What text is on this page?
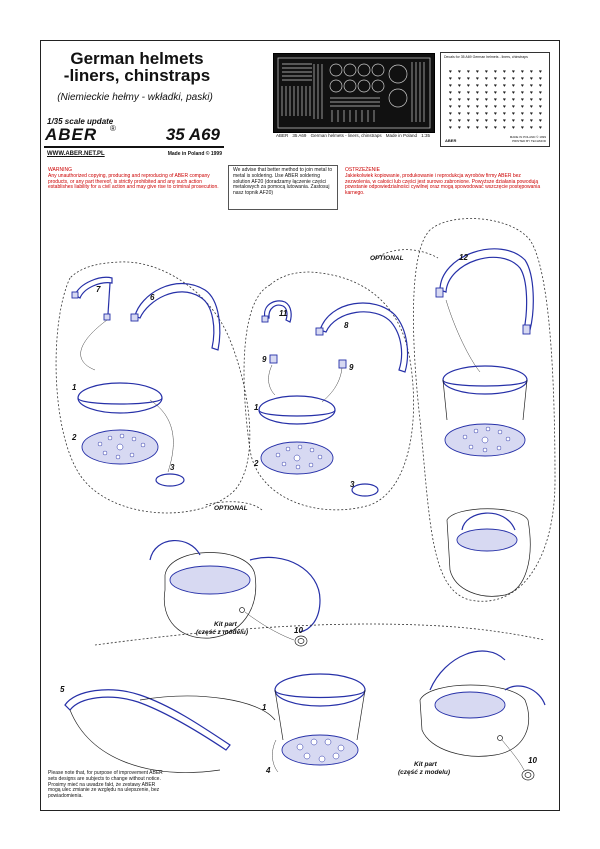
German helmets
-liners, chinstraps
(Niemieckie hełmy - wkładki, paski)
1/35 scale update
ABER ®	35 A69
WWW.ABER.NET.PL	Made in Poland © 1999
ABER 35 A69 German helmets - liners, chinstraps Made in Poland 1:35
♥ ♥ ♥ ♥ ♥ ♥ ♥ ♥ ♥ ♥ ♥
♥ ♥ ♥ ♥ ♥ ♥ ♥ ♥ ♥ ♥ ♥
♥ ♥ ♥ ♥ ♥ ♥ ♥ ♥ ♥ ♥ ♥
♥ ♥ ♥ ♥ ♥ ♥ ♥ ♥ ♥ ♥ ♥
♥ ♥ ♥ ♥ ♥ ♥ ♥ ♥ ♥ ♥ ♥
♥ ♥ ♥ ♥ ♥ ♥ ♥ ♥ ♥ ♥ ♥
♥ ♥ ♥ ♥ ♥ ♥ ♥ ♥ ♥ ♥ ♥
♥ ♥ ♥ ♥ ♥ ♥ ♥ ♥ ♥ ♥ ♥
♥ ♥ ♥ ♥ ♥ ♥ ♥ ♥ ♥ ♥ ♥
Decals for 35 A69 German helmets - liners, chinstraps
ABER
MADE IN POLAND © 1999 PRINTED BY TECHMOD
WARNING
Any unauthorized copying, producing and reproducing of ABER company products, or any part thereof, is strictly prohibited and any such action establishes liability for a civil action and may give rise to criminal prosecution.
We advise that better method to join metal to metal is soldering. Use ABER soldering solution AF20 (doradzamy łączenie części metalowych za pomocą lutowania. Zastosuj nasz topnik AF20)
OSTRZEŻENIE
Jakiekolwiek kopiowanie, produkowanie i reprodukcja wyrobów firmy ABER bez zezwolenia, w całości lub części jest surowo zabronione. Powyższe działania powodują powstanie odpowiedzialności cywilnej oraz mogą spowodować wszczęcie postępowania karnego.
Please note that, for purpose of improvement ABER sets designs are subjects to change without notice. Prosimy mieć na uwadze fakt, że zestawy ABER mogą ulec zmianie ze względu na ulepszenie, bez powiadomienia.
7
6
1
2
3
11
8
9
9
1
2
3
12
10
5
1
4
10
OPTIONAL
OPTIONAL
Kit part
(część z modelu)
Kit part
(część z modelu)
